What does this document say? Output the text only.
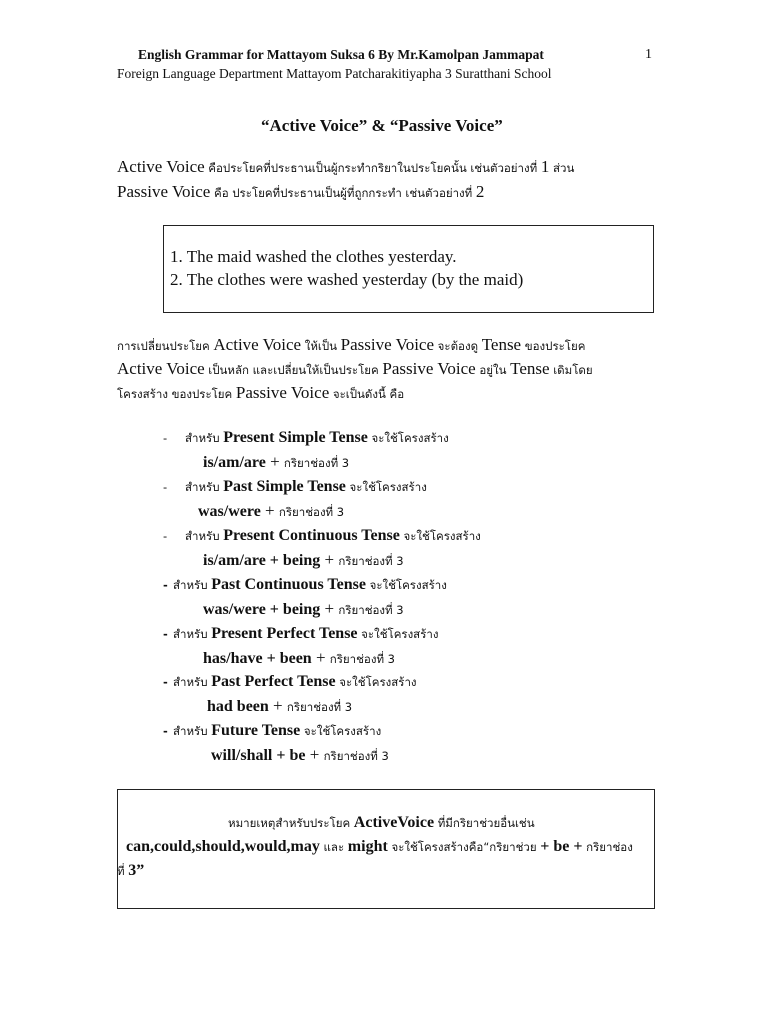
English Grammar for Mattayom Suksa 6 By Mr.Kamolpan Jammapat	1
Foreign Language Department Mattayom Patcharakitiyapha 3 Suratthani School
“Active Voice” & “Passive Voice”
Active Voice คือประโยคที่ประธานเป็นผู้กระทำกริยาในประโยคนั้น เช่นตัวอย่างที่ 1 ส่วน
Passive Voice คือ ประโยคที่ประธานเป็นผู้ที่ถูกกระทำ เช่นตัวอย่างที่ 2
1. The maid washed the clothes yesterday.
2. The clothes were washed yesterday (by the maid)
การเปลี่ยนประโยค Active Voice ให้เป็น Passive Voice จะต้องดู Tense ของประโยค
Active Voice เป็นหลัก และเปลี่ยนให้เป็นประโยค Passive Voice อยู่ใน Tense เดิมโดย
โครงสร้าง ของประโยค Passive Voice จะเป็นดังนี้ คือ
- สำหรับ Present Simple Tense จะใช้โครงสร้าง
is/am/are + กริยาช่องที่ 3
- สำหรับ Past Simple Tense จะใช้โครงสร้าง
was/were + กริยาช่องที่ 3
- สำหรับ Present Continuous Tense จะใช้โครงสร้าง
is/am/are + being + กริยาช่องที่ 3
- สำหรับ Past Continuous Tense จะใช้โครงสร้าง
was/were + being + กริยาช่องที่ 3
- สำหรับ Present Perfect Tense จะใช้โครงสร้าง
has/have + been + กริยาช่องที่ 3
- สำหรับ Past Perfect Tense จะใช้โครงสร้าง
had been + กริยาช่องที่ 3
- สำหรับ Future Tense จะใช้โครงสร้าง
will/shall + be + กริยาช่องที่ 3
หมายเหตุสำหรับประโยค ActiveVoice ที่มีกริยาช่วยอื่นเช่น
can,could,should,would,may และ might จะใช้โครงสร้างคือ“กริยาช่วย + be + กริยาช่อง
ที่ 3”
